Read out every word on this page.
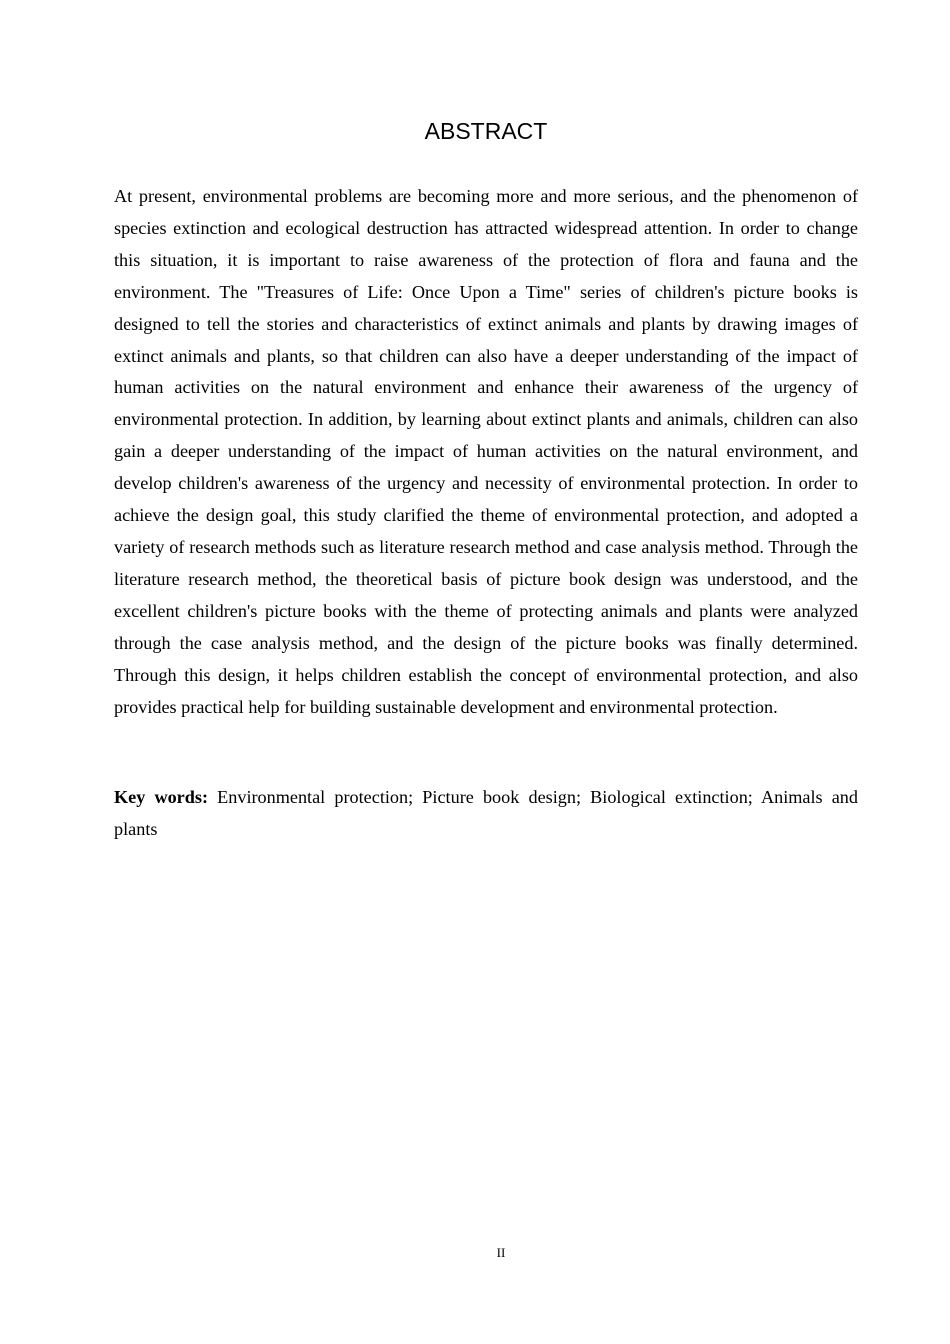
ABSTRACT

At present, environmental problems are becoming more and more serious, and the phenomenon of species extinction and ecological destruction has attracted widespread attention. In order to change this situation, it is important to raise awareness of the protection of flora and fauna and the environment. The "Treasures of Life: Once Upon a Time" series of children's picture books is designed to tell the stories and characteristics of extinct animals and plants by drawing images of extinct animals and plants, so that children can also have a deeper understanding of the impact of human activities on the natural environment and enhance their awareness of the urgency of environmental protection. In addition, by learning about extinct plants and animals, children can also gain a deeper understanding of the impact of human activities on the natural environment, and develop children's awareness of the urgency and necessity of environmental protection. In order to achieve the design goal, this study clarified the theme of environmental protection, and adopted a variety of research methods such as literature research method and case analysis method. Through the literature research method, the theoretical basis of picture book design was understood, and the excellent children's picture books with the theme of protecting animals and plants were analyzed through the case analysis method, and the design of the picture books was finally determined. Through this design, it helps children establish the concept of environmental protection, and also provides practical help for building sustainable development and environmental protection.

Key words: Environmental protection; Picture book design; Biological extinction; Animals and plants

II
